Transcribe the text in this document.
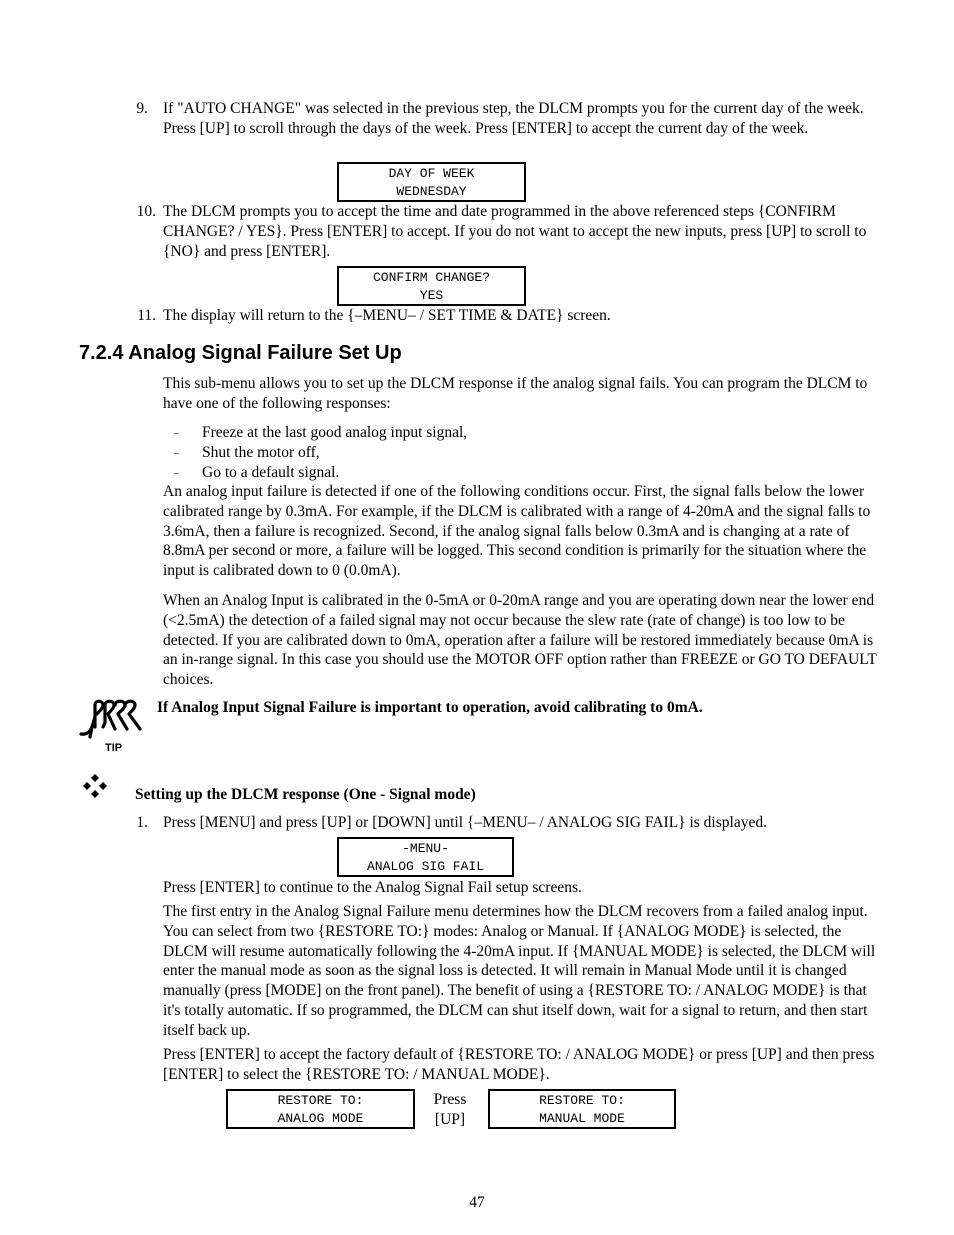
9. If "AUTO CHANGE" was selected in the previous step, the DLCM prompts you for the current day of the week. Press [UP] to scroll through the days of the week. Press [ENTER] to accept the current day of the week.

DAY OF WEEK
WEDNESDAY
10. The DLCM prompts you to accept the time and date programmed in the above referenced steps {CONFIRM CHANGE? / YES}. Press [ENTER] to accept. If you do not want to accept the new inputs, press [UP] to scroll to {NO} and press [ENTER].

CONFIRM CHANGE?
YES
11. The display will return to the {–MENU– / SET TIME & DATE} screen.

7.2.4 Analog Signal Failure Set Up

This sub-menu allows you to set up the DLCM response if the analog signal fails. You can program the DLCM to have one of the following responses:

– Freeze at the last good analog input signal,
– Shut the motor off,
– Go to a default signal.

An analog input failure is detected if one of the following conditions occur. First, the signal falls below the lower calibrated range by 0.3mA. For example, if the DLCM is calibrated with a range of 4-20mA and the signal falls to 3.6mA, then a failure is recognized. Second, if the analog signal falls below 0.3mA and is changing at a rate of 8.8mA per second or more, a failure will be logged. This second condition is primarily for the situation where the input is calibrated down to 0 (0.0mA).

When an Analog Input is calibrated in the 0-5mA or 0-20mA range and you are operating down near the lower end (<2.5mA) the detection of a failed signal may not occur because the slew rate (rate of change) is too low to be detected. If you are calibrated down to 0mA, operation after a failure will be restored immediately because 0mA is an in-range signal. In this case you should use the MOTOR OFF option rather than FREEZE or GO TO DEFAULT choices.

TIP
If Analog Input Signal Failure is important to operation, avoid calibrating to 0mA.
Setting up the DLCM response (One - Signal mode)
1. Press [MENU] and press [UP] or [DOWN] until {–MENU– / ANALOG SIG FAIL} is displayed.

-MENU-
ANALOG SIG FAIL

Press [ENTER] to continue to the Analog Signal Fail setup screens.

The first entry in the Analog Signal Failure menu determines how the DLCM recovers from a failed analog input. You can select from two {RESTORE TO:} modes: Analog or Manual. If {ANALOG MODE} is selected, the DLCM will resume automatically following the 4-20mA input. If {MANUAL MODE} is selected, the DLCM will enter the manual mode as soon as the signal loss is detected. It will remain in Manual Mode until it is changed manually (press [MODE] on the front panel). The benefit of using a {RESTORE TO: / ANALOG MODE} is that it's totally automatic. If so programmed, the DLCM can shut itself down, wait for a signal to return, and then start itself back up.

Press [ENTER] to accept the factory default of {RESTORE TO: / ANALOG MODE} or press [UP] and then press [ENTER] to select the {RESTORE TO: / MANUAL MODE}.

RESTORE TO:
ANALOG MODE
Press
[UP]
RESTORE TO:
MANUAL MODE
47
